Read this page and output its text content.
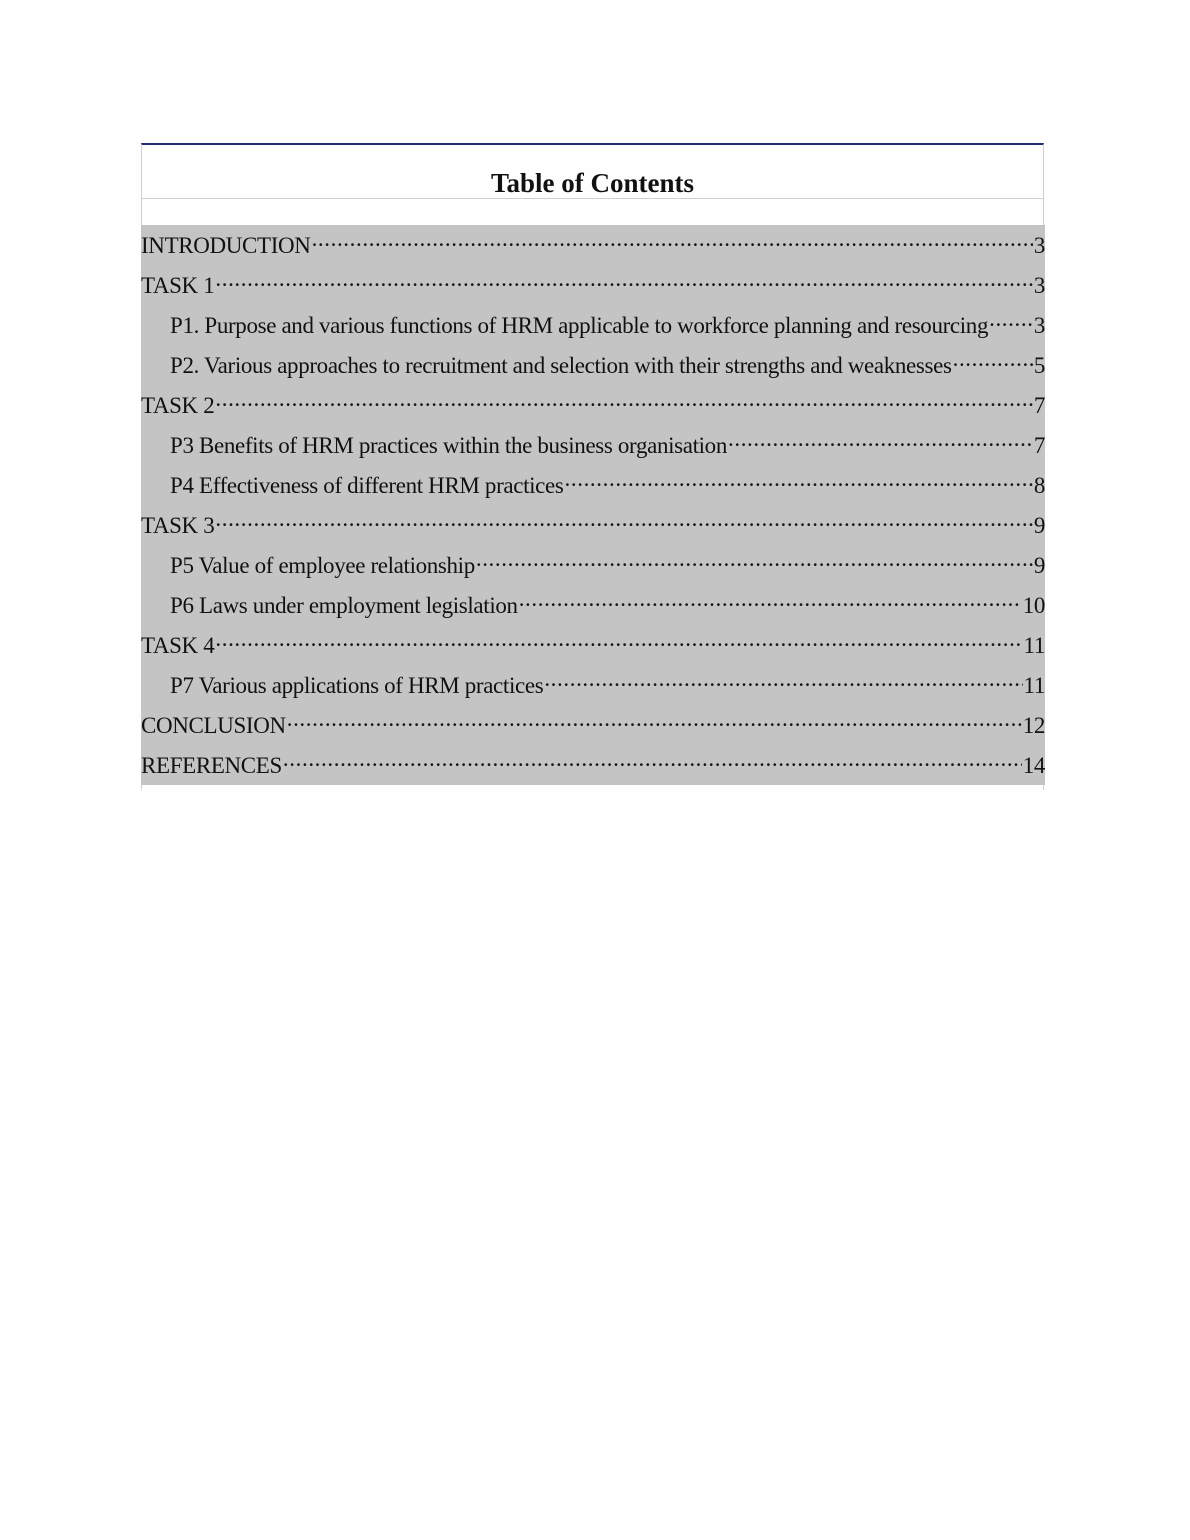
Table of Contents
INTRODUCTION .....	3
TASK 1 .....	3
P1. Purpose and various functions of HRM applicable to workforce planning and resourcing ..... 3
P2. Various approaches to recruitment and selection with their strengths and weaknesses .....	5
TASK 2 .....	7
P3 Benefits of HRM practices within the business organisation .....	7
P4 Effectiveness of different HRM practices .....	8
TASK 3 .....	9
P5 Value of employee relationship .....	9
P6 Laws under employment legislation .....	10
TASK 4 .....	11
P7 Various applications of HRM practices .....	11
CONCLUSION .....	12
REFERENCES .....	14
